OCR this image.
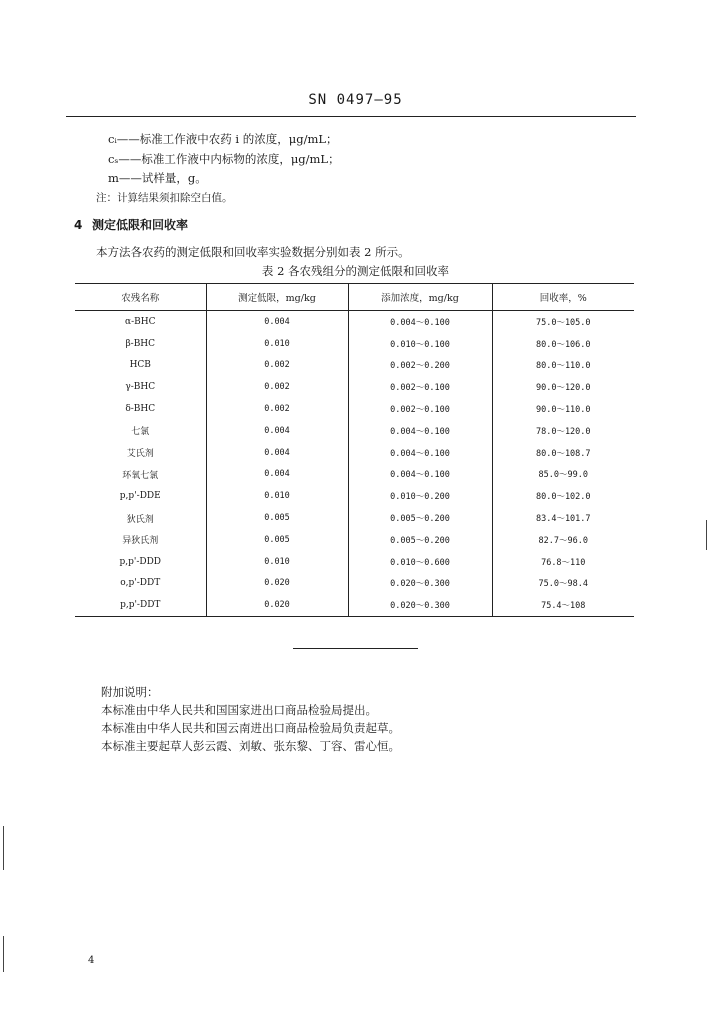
SN 0497—95

cᵢ——标准工作液中农药 i 的浓度，μg/mL；

cₛ——标准工作液中内标物的浓度，μg/mL；

m——试样量，g。

注：计算结果须扣除空白值。

4 测定低限和回收率

本方法各农药的测定低限和回收率实验数据分别如表 2 所示。

表 2 各农残组分的测定低限和回收率

农残名称	测定低限，mg/kg	添加浓度，mg/kg	回收率，%
α-BHC	0.004	0.004～0.100	75.0～105.0
β-BHC	0.010	0.010～0.100	80.0～106.0
HCB	0.002	0.002～0.200	80.0～110.0
γ-BHC	0.002	0.002～0.100	90.0～120.0
δ-BHC	0.002	0.002～0.100	90.0～110.0
七氯	0.004	0.004～0.100	78.0～120.0
艾氏剂	0.004	0.004～0.100	80.0～108.7
环氧七氯	0.004	0.004～0.100	85.0～99.0
p,p'-DDE	0.010	0.010～0.200	80.0～102.0
狄氏剂	0.005	0.005～0.200	83.4～101.7
异狄氏剂	0.005	0.005～0.200	82.7～96.0
p,p'-DDD	0.010	0.010～0.600	76.8～110
o,p'-DDT	0.020	0.020～0.300	75.0～98.4
p,p'-DDT	0.020	0.020～0.300	75.4～108

附加说明：

本标准由中华人民共和国国家进出口商品检验局提出。

本标准由中华人民共和国云南进出口商品检验局负责起草。

本标准主要起草人彭云霞、刘敏、张东黎、丁容、雷心恒。

4
